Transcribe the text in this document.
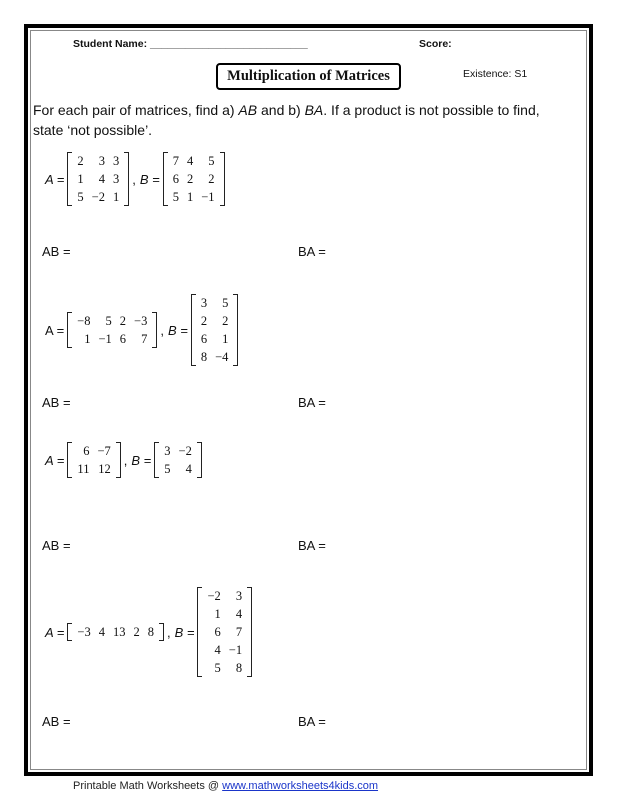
Student Name: ___________________________	Score:
Multiplication of Matrices	Existence: S1
For each pair of matrices, find a) AB and b) BA. If a product is not possible to find, state ‘not possible’.
A =
2	3	3
1	4	3
5	−2	1
, B =
7	4	5
6	2	2
5	1	−1
AB =	BA =
A =
−8	5	2	−3
1	−1	6	7
, B =
3	5
2	2
6	1
8	−4
AB =	BA =
A =
6	−7
11	12
, B =
3	−2
5	4
AB =	BA =
A = −3	4	13	2	8 , B =
−2	3
1	4
6	7
4	−1
5	8
AB =	BA =
Printable Math Worksheets @ www.mathworksheets4kids.com
